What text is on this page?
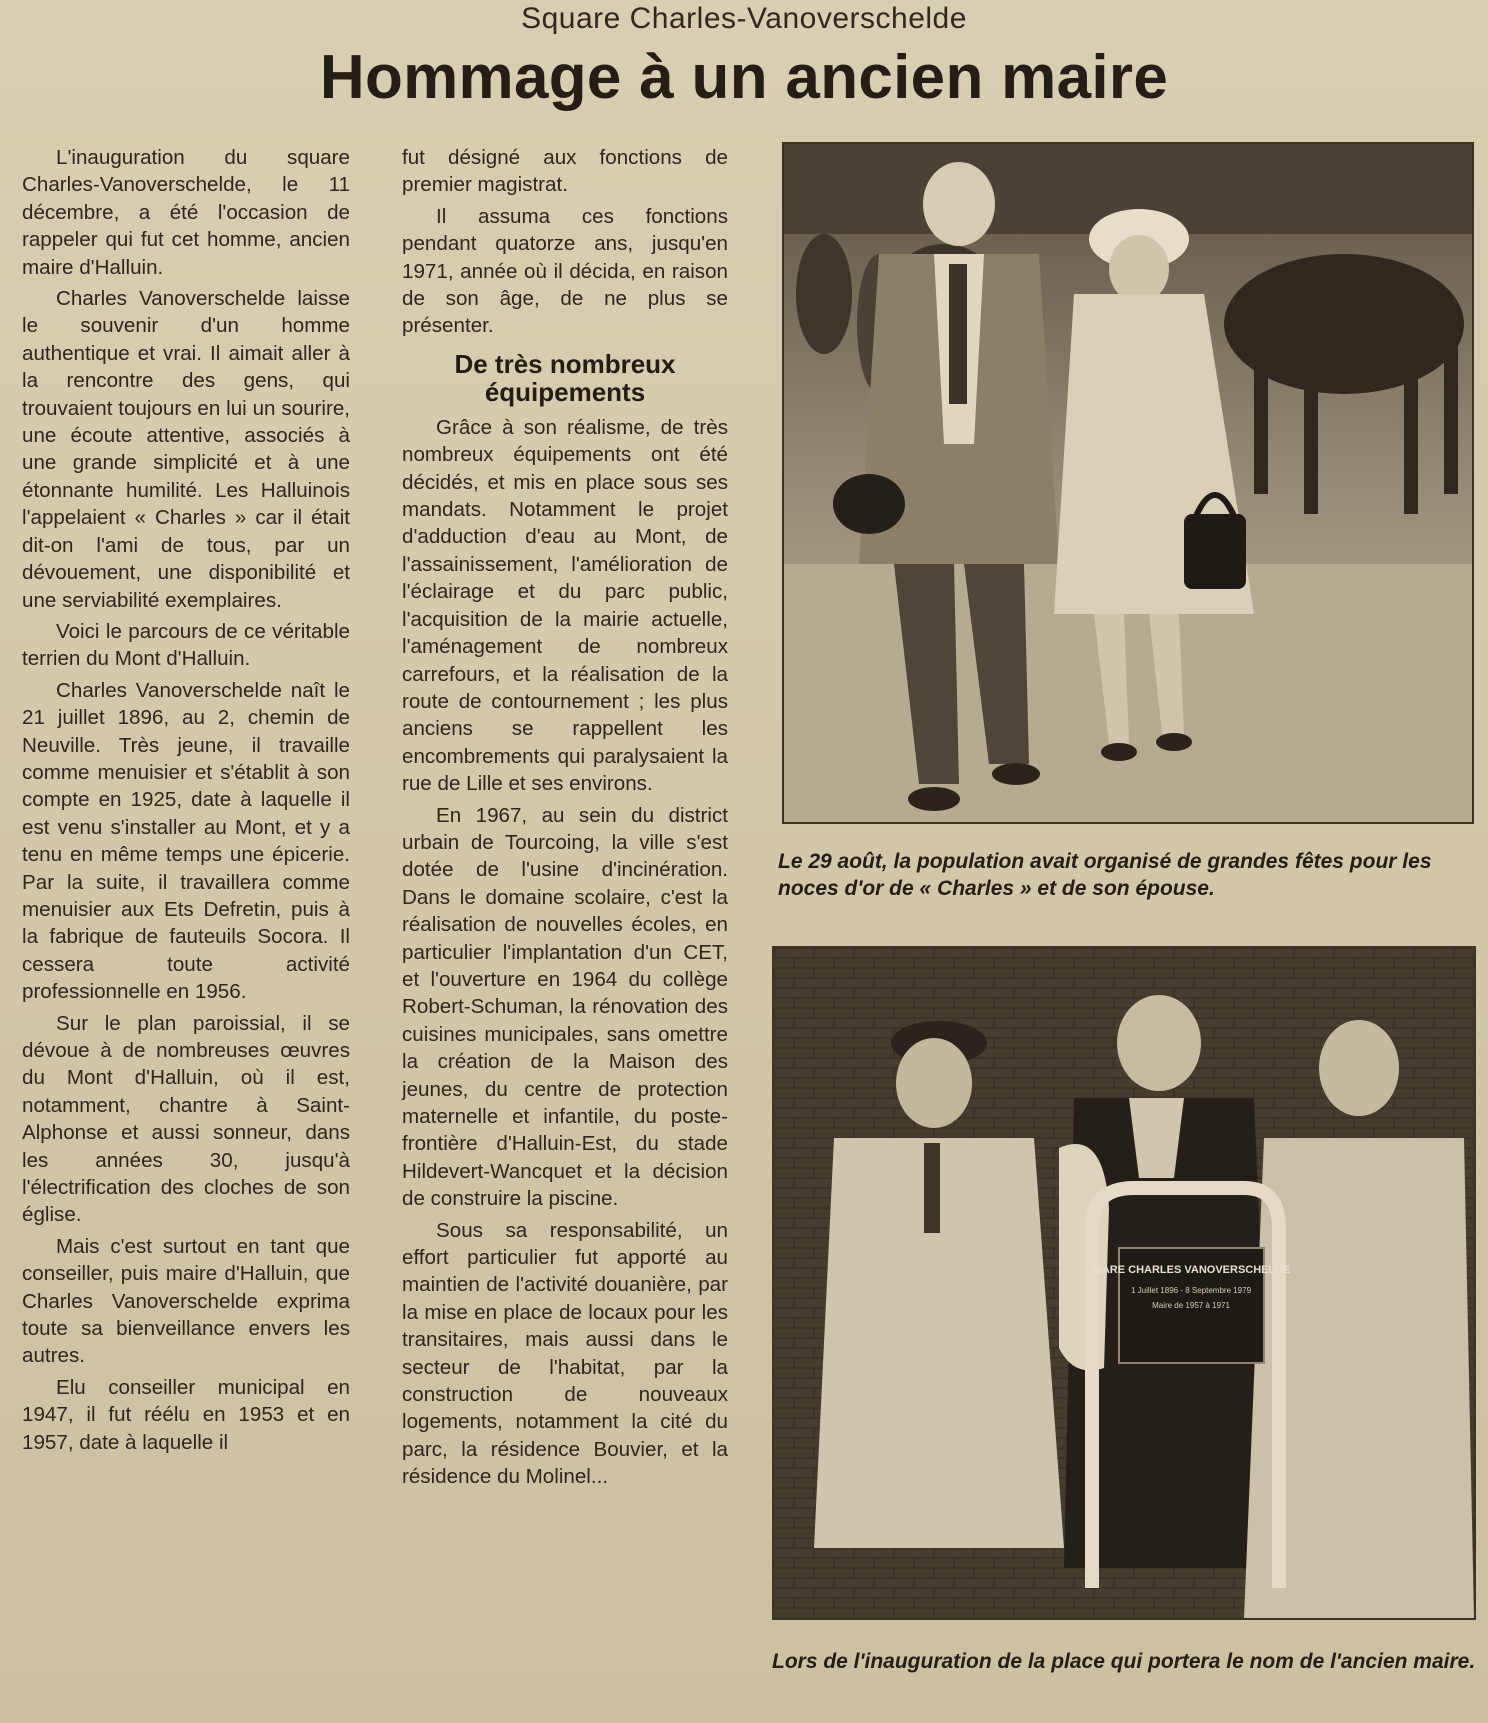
Square Charles-Vanoverschelde
Hommage à un ancien maire

L'inauguration du square Charles-Vanoverschelde, le 11 décembre, a été l'occasion de rappeler qui fut cet homme, ancien maire d'Halluin.

Charles Vanoverschelde laisse le souvenir d'un homme authentique et vrai. Il aimait aller à la rencontre des gens, qui trouvaient toujours en lui un sourire, une écoute attentive, associés à une grande simplicité et à une étonnante humilité. Les Halluinois l'appelaient « Charles » car il était dit-on l'ami de tous, par un dévouement, une disponibilité et une serviabilité exemplaires.

Voici le parcours de ce véritable terrien du Mont d'Halluin.

Charles Vanoverschelde naît le 21 juillet 1896, au 2, chemin de Neuville. Très jeune, il travaille comme menuisier et s'établit à son compte en 1925, date à laquelle il est venu s'installer au Mont, et y a tenu en même temps une épicerie. Par la suite, il travaillera comme menuisier aux Ets Defretin, puis à la fabrique de fauteuils Socora. Il cessera toute activité professionnelle en 1956.

Sur le plan paroissial, il se dévoue à de nombreuses œuvres du Mont d'Halluin, où il est, notamment, chantre à Saint-Alphonse et aussi sonneur, dans les années 30, jusqu'à l'électrification des cloches de son église.

Mais c'est surtout en tant que conseiller, puis maire d'Halluin, que Charles Vanoverschelde exprima toute sa bienveillance envers les autres.

Elu conseiller municipal en 1947, il fut réélu en 1953 et en 1957, date à laquelle il

fut désigné aux fonctions de premier magistrat.

Il assuma ces fonctions pendant quatorze ans, jusqu'en 1971, année où il décida, en raison de son âge, de ne plus se présenter.

De très nombreux équipements

Grâce à son réalisme, de très nombreux équipements ont été décidés, et mis en place sous ses mandats. Notamment le projet d'adduction d'eau au Mont, de l'assainissement, l'amélioration de l'éclairage et du parc public, l'acquisition de la mairie actuelle, l'aménagement de nombreux carrefours, et la réalisation de la route de contournement ; les plus anciens se rappellent les encombrements qui paralysaient la rue de Lille et ses environs.

En 1967, au sein du district urbain de Tourcoing, la ville s'est dotée de l'usine d'incinération. Dans le domaine scolaire, c'est la réalisation de nouvelles écoles, en particulier l'implantation d'un CET, et l'ouverture en 1964 du collège Robert-Schuman, la rénovation des cuisines municipales, sans omettre la création de la Maison des jeunes, du centre de protection maternelle et infantile, du poste-frontière d'Halluin-Est, du stade Hildevert-Wancquet et la décision de construire la piscine.

Sous sa responsabilité, un effort particulier fut apporté au maintien de l'activité douanière, par la mise en place de locaux pour les transitaires, mais aussi dans le secteur de l'habitat, par la construction de nouveaux logements, notamment la cité du parc, la résidence Bouvier, et la résidence du Molinel...

Le 29 août, la population avait organisé de grandes fêtes pour les noces d'or de « Charles » et de son épouse.
XIARE CHARLES VANOVERSCHELDE
1 Juillet 1896 - 8 Septembre 1979
Maire de 1957 à 1971
Lors de l'inauguration de la place qui portera le nom de l'ancien maire.
